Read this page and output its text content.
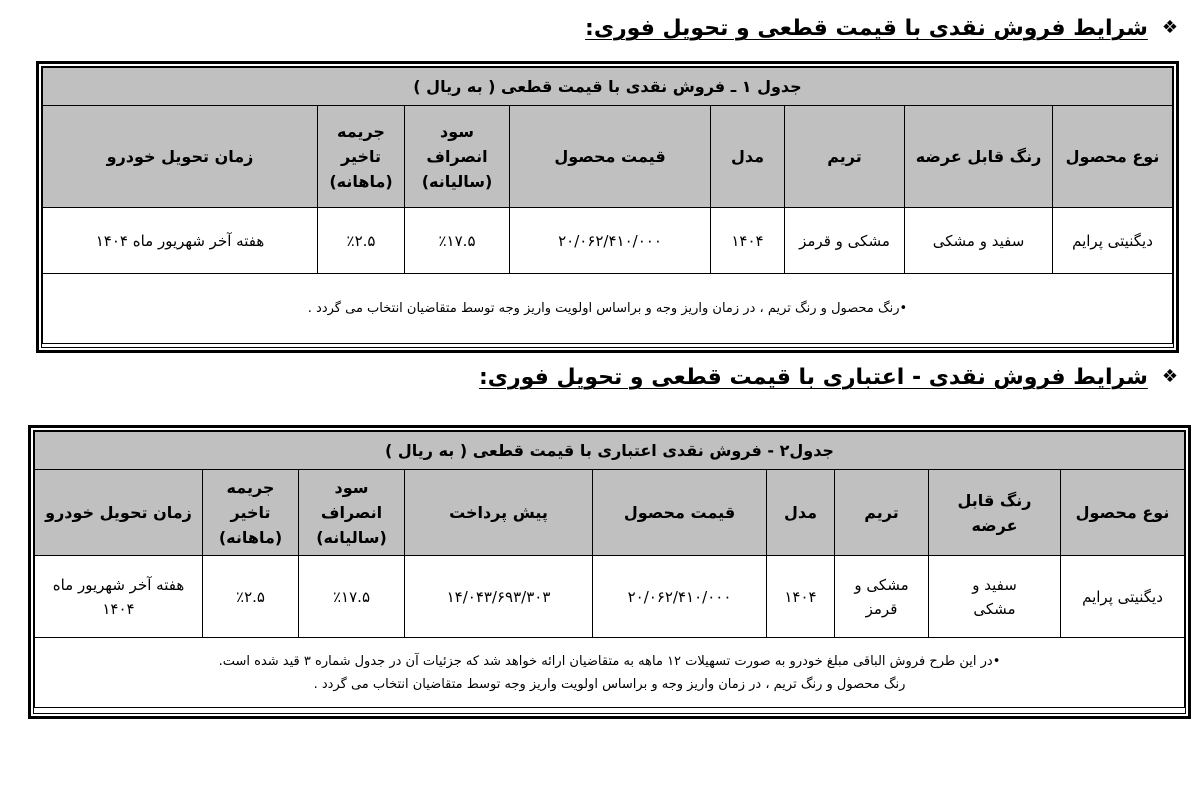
❖شرایط فروش نقدی با قیمت قطعی و تحویل فوری:
جدول ۱ ـ فروش نقدی با قیمت قطعی ( به ریال )							
نوع محصول	رنگ قابل عرضه	تریم	مدل	قیمت محصول	سود انصراف (سالیانه)	جریمه تاخیر (ماهانه)	زمان تحویل خودرو
دیگنیتی پرایم	سفید و مشکی	مشکی و قرمز	۱۴۰۴	۲۰/۰۶۲/۴۱۰/۰۰۰	٪۱۷.۵	٪۲.۵	هفته آخر شهریور ماه ۱۴۰۴
•رنگ محصول و رنگ تریم ، در زمان واریز وجه و براساس اولویت واریز وجه توسط متقاضیان انتخاب می گردد .							
❖شرایط فروش نقدی - اعتباری با قیمت قطعی و تحویل فوری:
جدول۲ - فروش نقدی اعتباری با قیمت قطعی ( به ریال )								
نوع محصول	رنگ قابل عرضه	تریم	مدل	قیمت محصول	پیش پرداخت	سود انصراف (سالیانه)	جریمه تاخیر (ماهانه)	زمان تحویل خودرو
دیگنیتی پرایم	سفید و مشکی	مشکی و قرمز	۱۴۰۴	۲۰/۰۶۲/۴۱۰/۰۰۰	۱۴/۰۴۳/۶۹۳/۳۰۳	٪۱۷.۵	٪۲.۵	هفته آخر شهریور ماه ۱۴۰۴

•در این طرح فروش الباقی مبلغ خودرو به صورت تسهیلات ۱۲ ماهه به متقاضیان ارائه خواهد شد که جزئیات آن در جدول شماره ۳ قید شده است.
رنگ محصول و رنگ تریم ، در زمان واریز وجه و براساس اولویت واریز وجه توسط متقاضیان انتخاب می گردد .								
